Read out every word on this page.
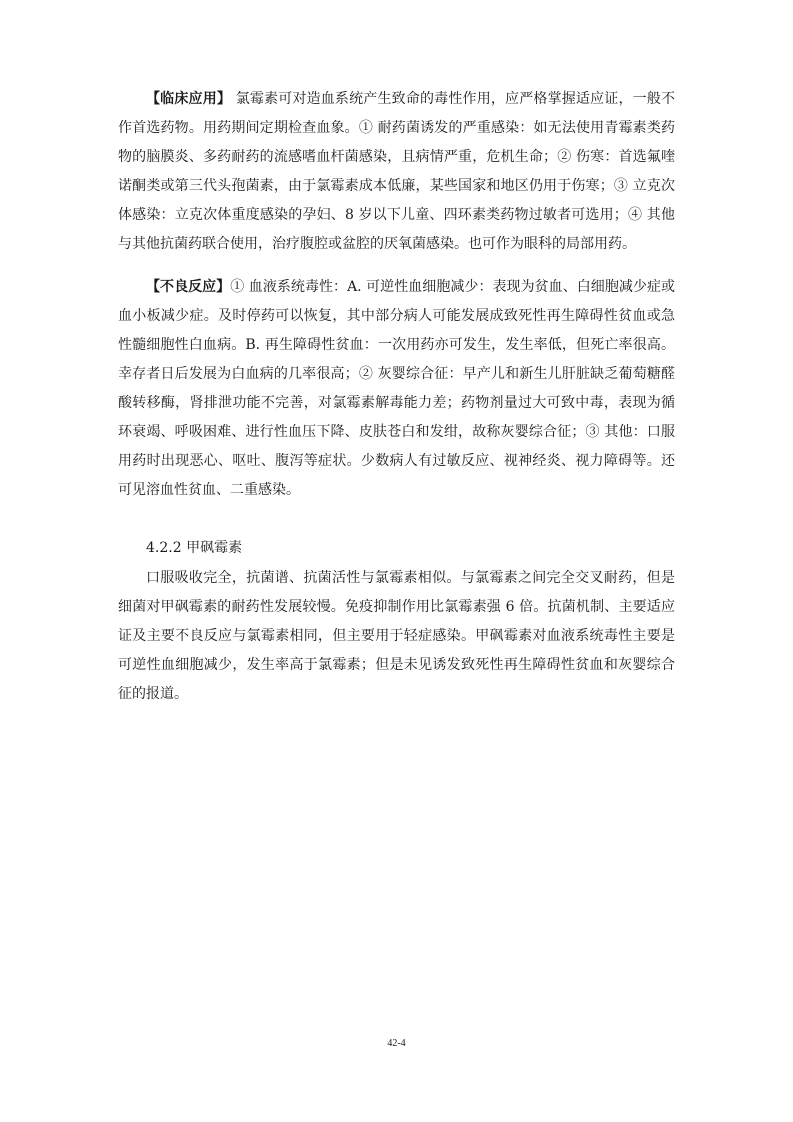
【临床应用】 氯霉素可对造血系统产生致命的毒性作用，应严格掌握适应证，一般不作首选药物。用药期间定期检查血象。① 耐药菌诱发的严重感染：如无法使用青霉素类药物的脑膜炎、多药耐药的流感嗜血杆菌感染，且病情严重，危机生命；② 伤寒：首选氟喹诺酮类或第三代头孢菌素，由于氯霉素成本低廉，某些国家和地区仍用于伤寒；③ 立克次体感染：立克次体重度感染的孕妇、8 岁以下儿童、四环素类药物过敏者可选用；④ 其他 与其他抗菌药联合使用，治疗腹腔或盆腔的厌氧菌感染。也可作为眼科的局部用药。

【不良反应】① 血液系统毒性：A. 可逆性血细胞减少：表现为贫血、白细胞减少症或血小板减少症。及时停药可以恢复，其中部分病人可能发展成致死性再生障碍性贫血或急性髓细胞性白血病。B. 再生障碍性贫血：一次用药亦可发生，发生率低，但死亡率很高。幸存者日后发展为白血病的几率很高；② 灰婴综合征：早产儿和新生儿肝脏缺乏葡萄糖醛酸转移酶，肾排泄功能不完善，对氯霉素解毒能力差；药物剂量过大可致中毒，表现为循环衰竭、呼吸困难、进行性血压下降、皮肤苍白和发绀，故称灰婴综合征；③ 其他：口服用药时出现恶心、呕吐、腹泻等症状。少数病人有过敏反应、视神经炎、视力障碍等。还可见溶血性贫血、二重感染。

4.2.2 甲砜霉素

口服吸收完全，抗菌谱、抗菌活性与氯霉素相似。与氯霉素之间完全交叉耐药，但是细菌对甲砜霉素的耐药性发展较慢。免疫抑制作用比氯霉素强 6 倍。抗菌机制、主要适应证及主要不良反应与氯霉素相同，但主要用于轻症感染。甲砜霉素对血液系统毒性主要是可逆性血细胞减少，发生率高于氯霉素；但是未见诱发致死性再生障碍性贫血和灰婴综合征的报道。

42-4
